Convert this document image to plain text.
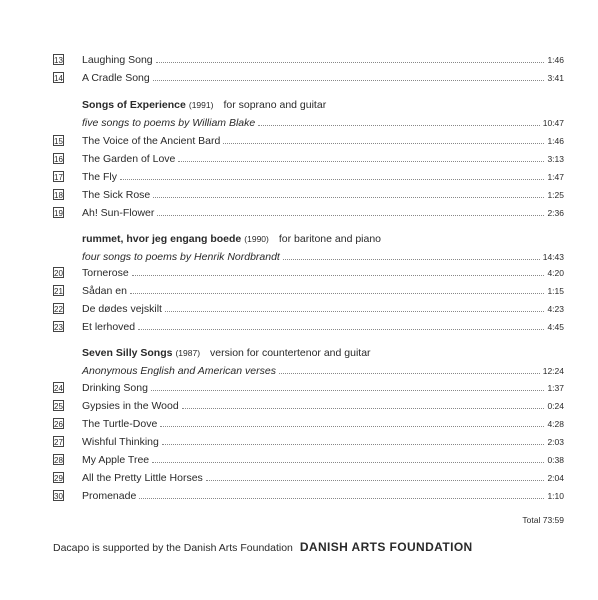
13 Laughing Song	1:46
14 A Cradle Song	3:41
Songs of Experience (1991) for soprano and guitar
five songs to poems by William Blake	10:47
15 The Voice of the Ancient Bard	1:46
16 The Garden of Love	3:13
17 The Fly	1:47
18 The Sick Rose	1:25
19 Ah! Sun-Flower	2:36
rummet, hvor jeg engang boede (1990) for baritone and piano
four songs to poems by Henrik Nordbrandt	14:43
20 Tornerose	4:20
21 Sådan en	1:15
22 De dødes vejskilt	4:23
23 Et lerhoved	4:45
Seven Silly Songs (1987) version for countertenor and guitar
Anonymous English and American verses	12:24
24 Drinking Song	1:37
25 Gypsies in the Wood	0:24
26 The Turtle-Dove	4:28
27 Wishful Thinking	2:03
28 My Apple Tree	0:38
29 All the Pretty Little Horses	2:04
30 Promenade	1:10
Total 73:59
Dacapo is supported by the Danish Arts Foundation DANISH ARTS FOUNDATION
